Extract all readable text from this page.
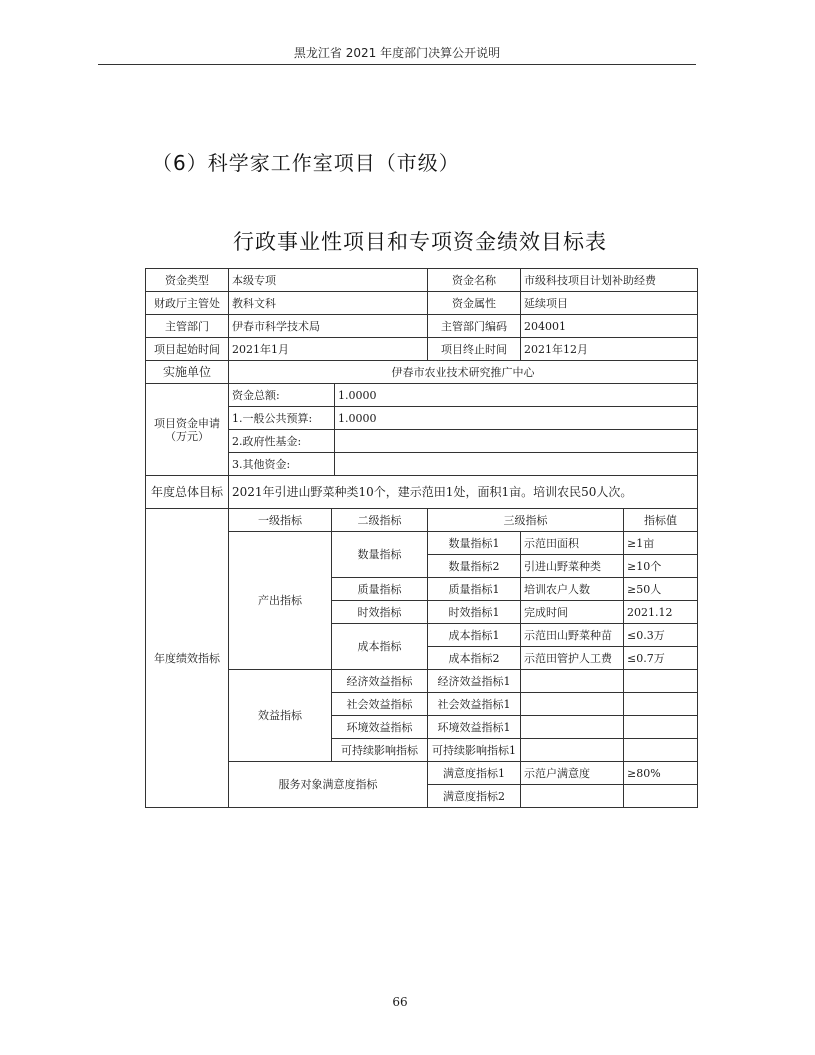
黑龙江省 2021 年度部门决算公开说明
（6）科学家工作室项目（市级）
行政事业性项目和专项资金绩效目标表
资金类型	本级专项			资金名称	市级科技项目计划补助经费	
财政厅主管处	教科文科			资金属性	延续项目	
主管部门	伊春市科学技术局			主管部门编码	204001	
项目起始时间	2021年1月			项目终止时间	2021年12月	
实施单位	伊春市农业技术研究推广中心					
项目资金申请（万元）	资金总额:		1.0000			
	1.一般公共预算:		1.0000			
	2.政府性基金:					
	3.其他资金:					
年度总体目标	2021年引进山野菜种类10个，建示范田1处，面积1亩。培训农民50人次。					
年度绩效指标	一级指标	二级指标		三级指标		指标值
	产出指标	数量指标		数量指标1	示范田面积	≥1亩
				数量指标2	引进山野菜种类	≥10个
		质量指标		质量指标1	培训农户人数	≥50人
		时效指标		时效指标1	完成时间	2021.12
		成本指标		成本指标1	示范田山野菜种苗	≤0.3万
				成本指标2	示范田管护人工费	≤0.7万
	效益指标	经济效益指标		经济效益指标1		
		社会效益指标		社会效益指标1		
		环境效益指标		环境效益指标1		
		可持续影响指标		可持续影响指标1		
	服务对象满意度指标			满意度指标1	示范户满意度	≥80%
				满意度指标2		
66
